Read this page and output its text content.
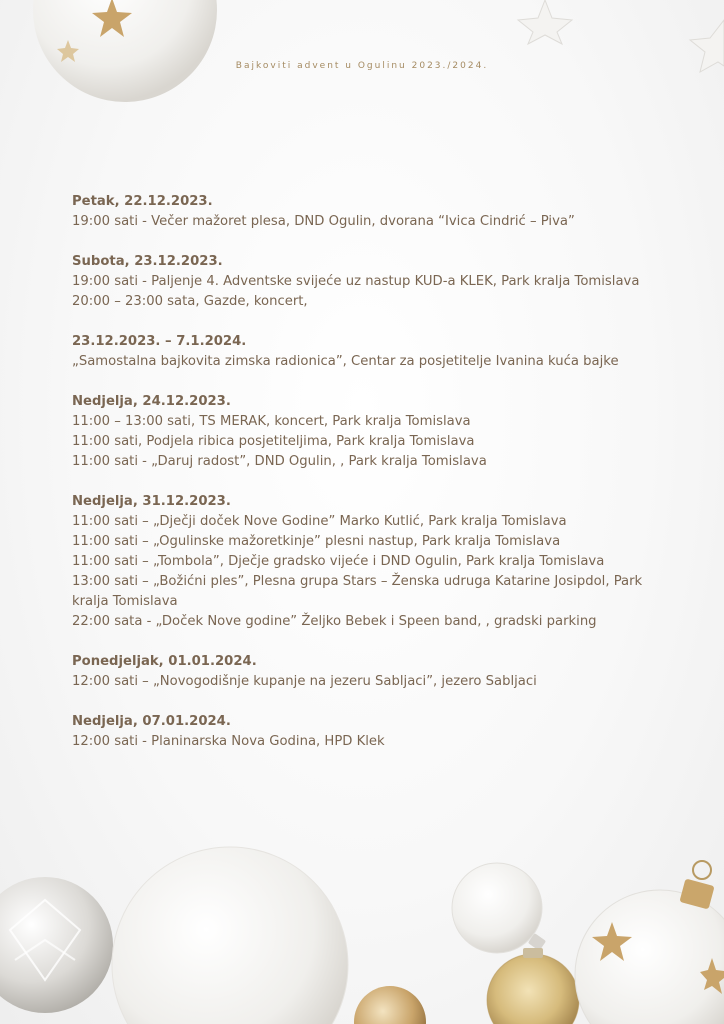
Bajkoviti advent u Ogulinu 2023./2024.
Petak, 22.12.2023.
19:00 sati - Večer mažoret plesa, DND Ogulin, dvorana “Ivica Cindrić – Piva”
Subota, 23.12.2023.
19:00 sati - Paljenje 4. Adventske svijeće uz nastup KUD-a KLEK, Park kralja Tomislava
20:00 – 23:00 sata, Gazde, koncert,
23.12.2023. – 7.1.2024.
„Samostalna bajkovita zimska radionica”, Centar za posjetitelje Ivanina kuća bajke
Nedjelja, 24.12.2023.
11:00 – 13:00 sati, TS MERAK, koncert, Park kralja Tomislava
11:00 sati, Podjela ribica posjetiteljima, Park kralja Tomislava
11:00 sati - „Daruj radost”, DND Ogulin, , Park kralja Tomislava
Nedjelja, 31.12.2023.
11:00 sati – „Dječji doček Nove Godine” Marko Kutlić, Park kralja Tomislava
11:00 sati – „Ogulinske mažoretkinje” plesni nastup, Park kralja Tomislava
11:00 sati – „Tombola”, Dječje gradsko vijeće i DND Ogulin, Park kralja Tomislava
13:00 sati – „Božićni ples”, Plesna grupa Stars – Ženska udruga Katarine Josipdol, Park kralja Tomislava
22:00 sata - „Doček Nove godine” Željko Bebek i Speen band, , gradski parking
Ponedjeljak, 01.01.2024.
12:00 sati – „Novogodišnje kupanje na jezeru Sabljaci”, jezero Sabljaci
Nedjelja, 07.01.2024.
12:00 sati - Planinarska Nova Godina, HPD Klek
